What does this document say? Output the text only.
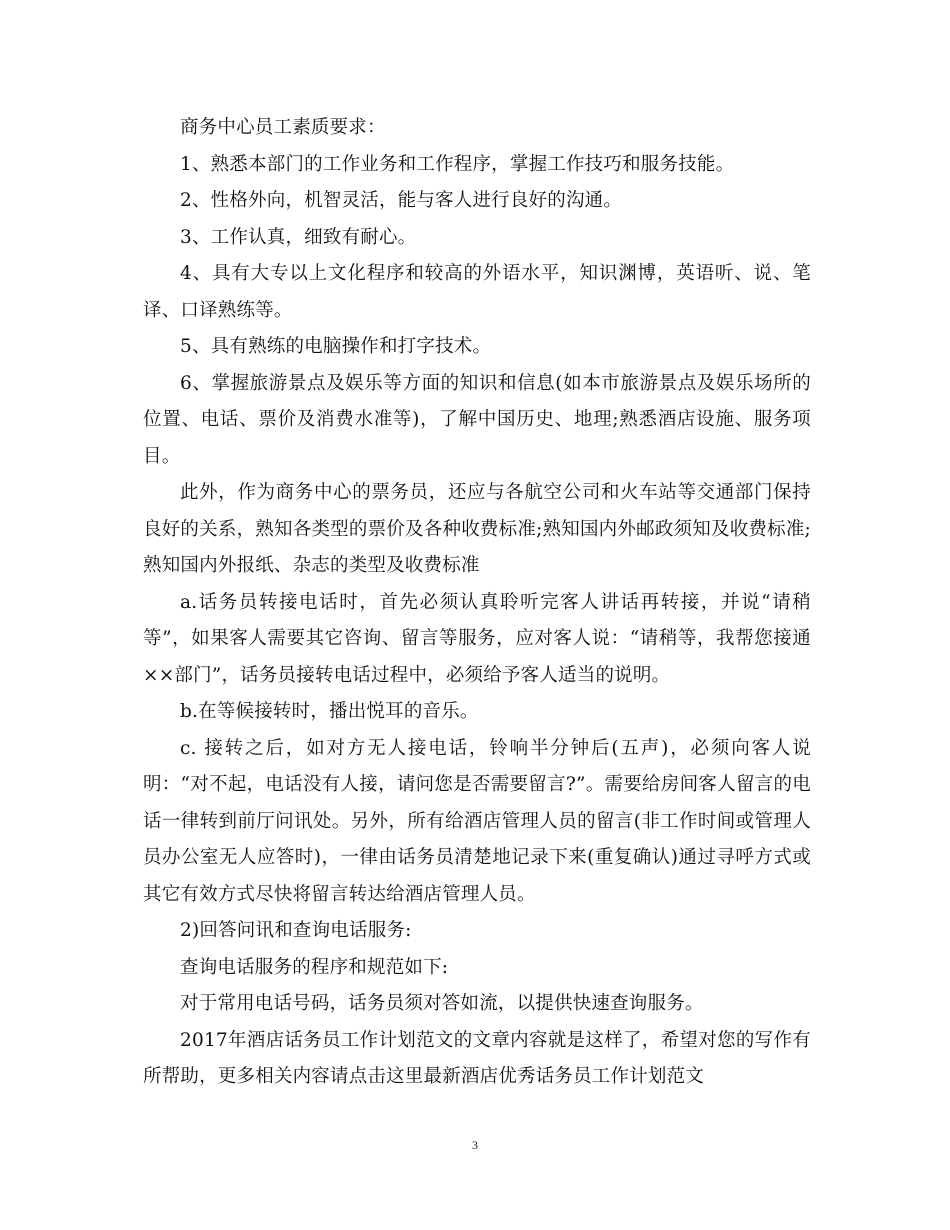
商务中心员工素质要求：

1、熟悉本部门的工作业务和工作程序，掌握工作技巧和服务技能。

2、性格外向，机智灵活，能与客人进行良好的沟通。

3、工作认真，细致有耐心。

4、具有大专以上文化程序和较高的外语水平，知识渊博，英语听、说、笔译、口译熟练等。

5、具有熟练的电脑操作和打字技术。

6、掌握旅游景点及娱乐等方面的知识和信息(如本市旅游景点及娱乐场所的位置、电话、票价及消费水准等)，了解中国历史、地理;熟悉酒店设施、服务项目。

此外，作为商务中心的票务员，还应与各航空公司和火车站等交通部门保持良好的关系，熟知各类型的票价及各种收费标准;熟知国内外邮政须知及收费标准;熟知国内外报纸、杂志的类型及收费标准

a.话务员转接电话时，首先必须认真聆听完客人讲话再转接，并说“请稍等”，如果客人需要其它咨询、留言等服务，应对客人说：“请稍等，我帮您接通××部门”，话务员接转电话过程中，必须给予客人适当的说明。

b.在等候接转时，播出悦耳的音乐。

c. 接转之后，如对方无人接电话，铃响半分钟后(五声)，必须向客人说明：“对不起，电话没有人接，请问您是否需要留言?”。需要给房间客人留言的电话一律转到前厅问讯处。另外，所有给酒店管理人员的留言(非工作时间或管理人员办公室无人应答时)，一律由话务员清楚地记录下来(重复确认)通过寻呼方式或其它有效方式尽快将留言转达给酒店管理人员。

2)回答问讯和查询电话服务:

查询电话服务的程序和规范如下:

对于常用电话号码，话务员须对答如流，以提供快速查询服务。

2017年酒店话务员工作计划范文的文章内容就是这样了，希望对您的写作有所帮助，更多相关内容请点击这里最新酒店优秀话务员工作计划范文

3
